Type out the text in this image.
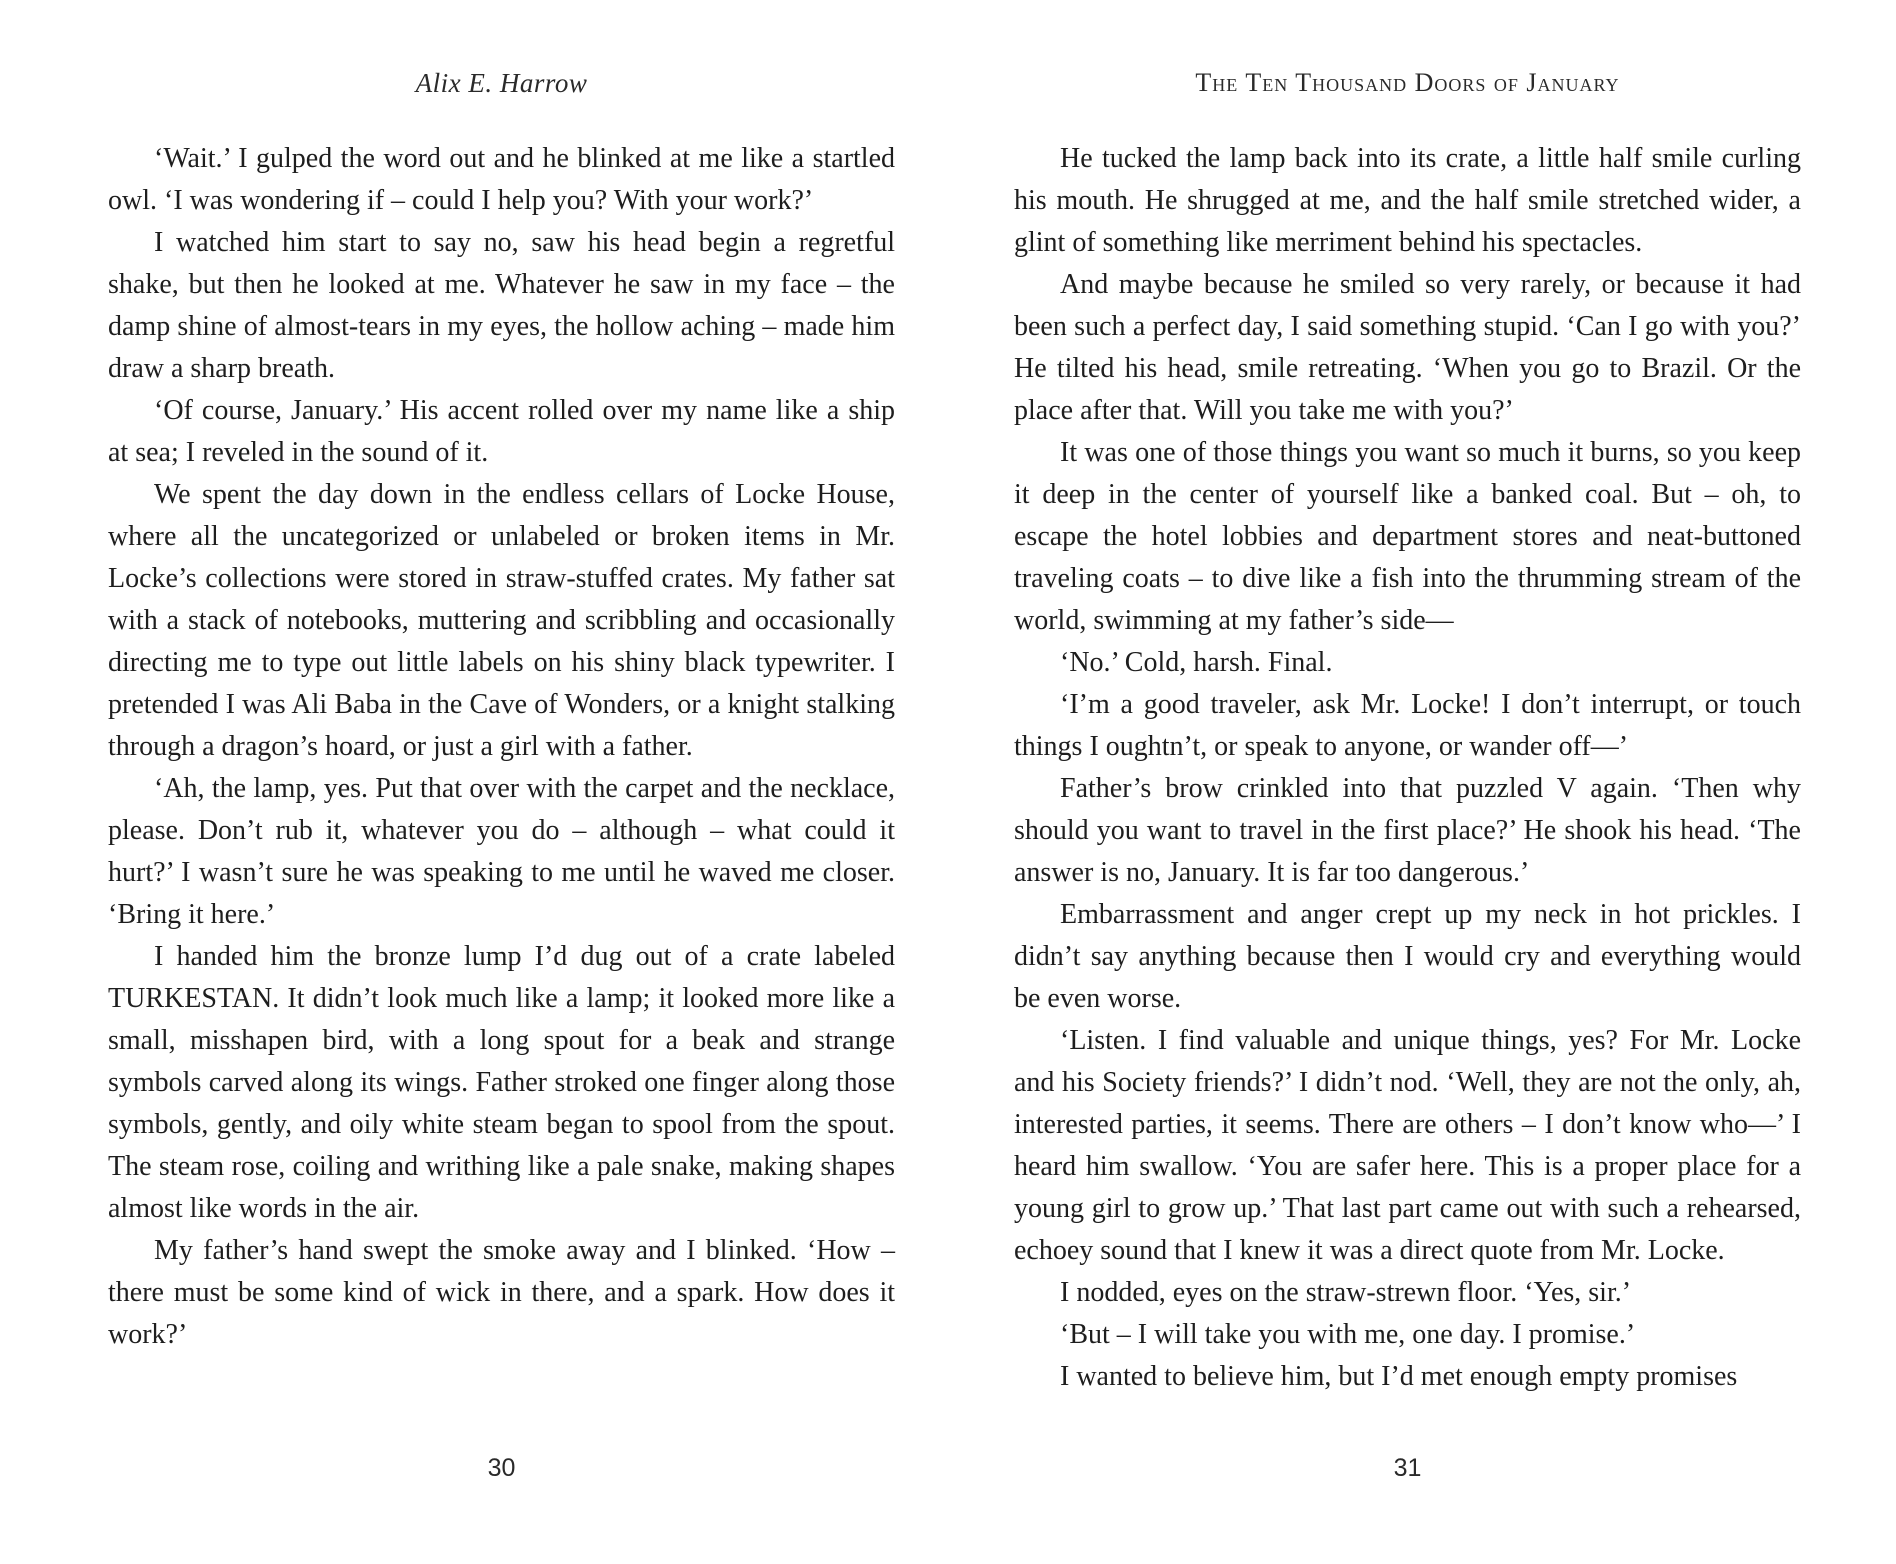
Alix E. Harrow

‘Wait.’ I gulped the word out and he blinked at me like a startled owl. ‘I was wondering if – could I help you? With your work?’

I watched him start to say no, saw his head begin a regretful shake, but then he looked at me. Whatever he saw in my face – the damp shine of almost-tears in my eyes, the hollow aching – made him draw a sharp breath.

‘Of course, January.’ His accent rolled over my name like a ship at sea; I reveled in the sound of it.

We spent the day down in the endless cellars of Locke House, where all the uncategorized or unlabeled or broken items in Mr. Locke’s collections were stored in straw-stuffed crates. My father sat with a stack of notebooks, muttering and scribbling and occasionally directing me to type out little labels on his shiny black typewriter. I pretended I was Ali Baba in the Cave of Wonders, or a knight stalking through a dragon’s hoard, or just a girl with a father.

‘Ah, the lamp, yes. Put that over with the carpet and the necklace, please. Don’t rub it, whatever you do – although – what could it hurt?’ I wasn’t sure he was speaking to me until he waved me closer. ‘Bring it here.’

I handed him the bronze lump I’d dug out of a crate labeled TURKESTAN. It didn’t look much like a lamp; it looked more like a small, misshapen bird, with a long spout for a beak and strange symbols carved along its wings. Father stroked one finger along those symbols, gently, and oily white steam began to spool from the spout. The steam rose, coiling and writhing like a pale snake, making shapes almost like words in the air.

My father’s hand swept the smoke away and I blinked. ‘How – there must be some kind of wick in there, and a spark. How does it work?’

30
The Ten Thousand Doors of January

He tucked the lamp back into its crate, a little half smile curling his mouth. He shrugged at me, and the half smile stretched wider, a glint of something like merriment behind his spectacles.

And maybe because he smiled so very rarely, or because it had been such a perfect day, I said something stupid. ‘Can I go with you?’ He tilted his head, smile retreating. ‘When you go to Brazil. Or the place after that. Will you take me with you?’

It was one of those things you want so much it burns, so you keep it deep in the center of yourself like a banked coal. But – oh, to escape the hotel lobbies and department stores and neat-buttoned traveling coats – to dive like a fish into the thrumming stream of the world, swimming at my father’s side—

‘No.’ Cold, harsh. Final.

‘I’m a good traveler, ask Mr. Locke! I don’t interrupt, or touch things I oughtn’t, or speak to anyone, or wander off—’

Father’s brow crinkled into that puzzled V again. ‘Then why should you want to travel in the first place?’ He shook his head. ‘The answer is no, January. It is far too dangerous.’

Embarrassment and anger crept up my neck in hot prickles. I didn’t say anything because then I would cry and everything would be even worse.

‘Listen. I find valuable and unique things, yes? For Mr. Locke and his Society friends?’ I didn’t nod. ‘Well, they are not the only, ah, interested parties, it seems. There are others – I don’t know who—’ I heard him swallow. ‘You are safer here. This is a proper place for a young girl to grow up.’ That last part came out with such a rehearsed, echoey sound that I knew it was a direct quote from Mr. Locke.

I nodded, eyes on the straw-strewn floor. ‘Yes, sir.’

‘But – I will take you with me, one day. I promise.’

I wanted to believe him, but I’d met enough empty promises

31
